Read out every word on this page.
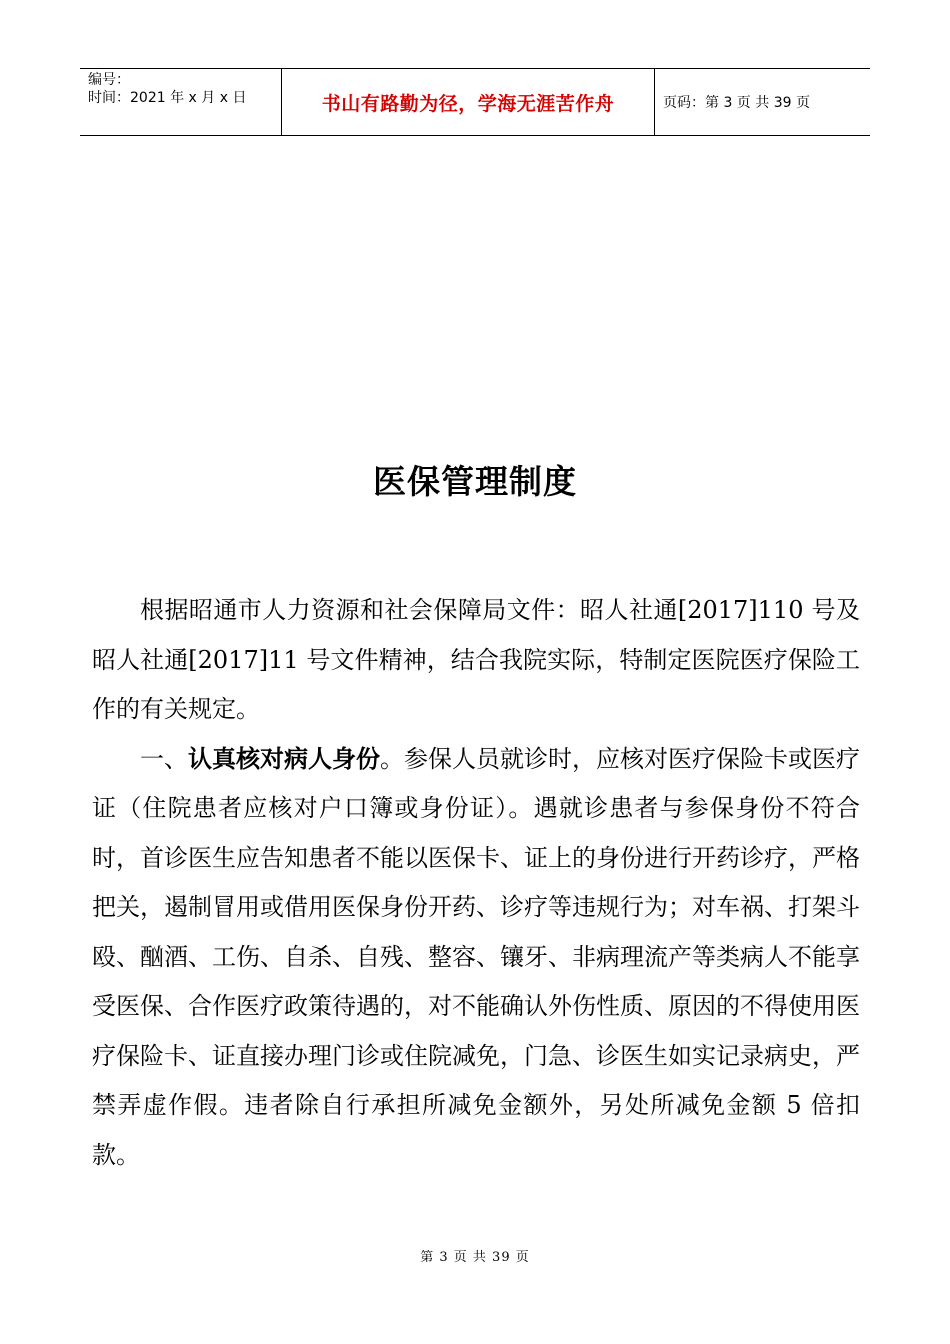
编号：
时间：2021 年 x 月 x 日	书山有路勤为径，学海无涯苦作舟	页码：第 3 页 共 39 页
医保管理制度

根据昭通市人力资源和社会保障局文件：昭人社通[2017]110 号及昭人社通[2017]11 号文件精神，结合我院实际，特制定医院医疗保险工作的有关规定。

一、认真核对病人身份。参保人员就诊时，应核对医疗保险卡或医疗证（住院患者应核对户口簿或身份证）。遇就诊患者与参保身份不符合时，首诊医生应告知患者不能以医保卡、证上的身份进行开药诊疗，严格把关，遏制冒用或借用医保身份开药、诊疗等违规行为；对车祸、打架斗殴、酗酒、工伤、自杀、自残、整容、镶牙、非病理流产等类病人不能享受医保、合作医疗政策待遇的，对不能确认外伤性质、原因的不得使用医疗保险卡、证直接办理门诊或住院减免，门急、诊医生如实记录病史，严禁弄虚作假。违者除自行承担所减免金额外，另处所减免金额 5 倍扣款。

第 3 页 共 39 页
